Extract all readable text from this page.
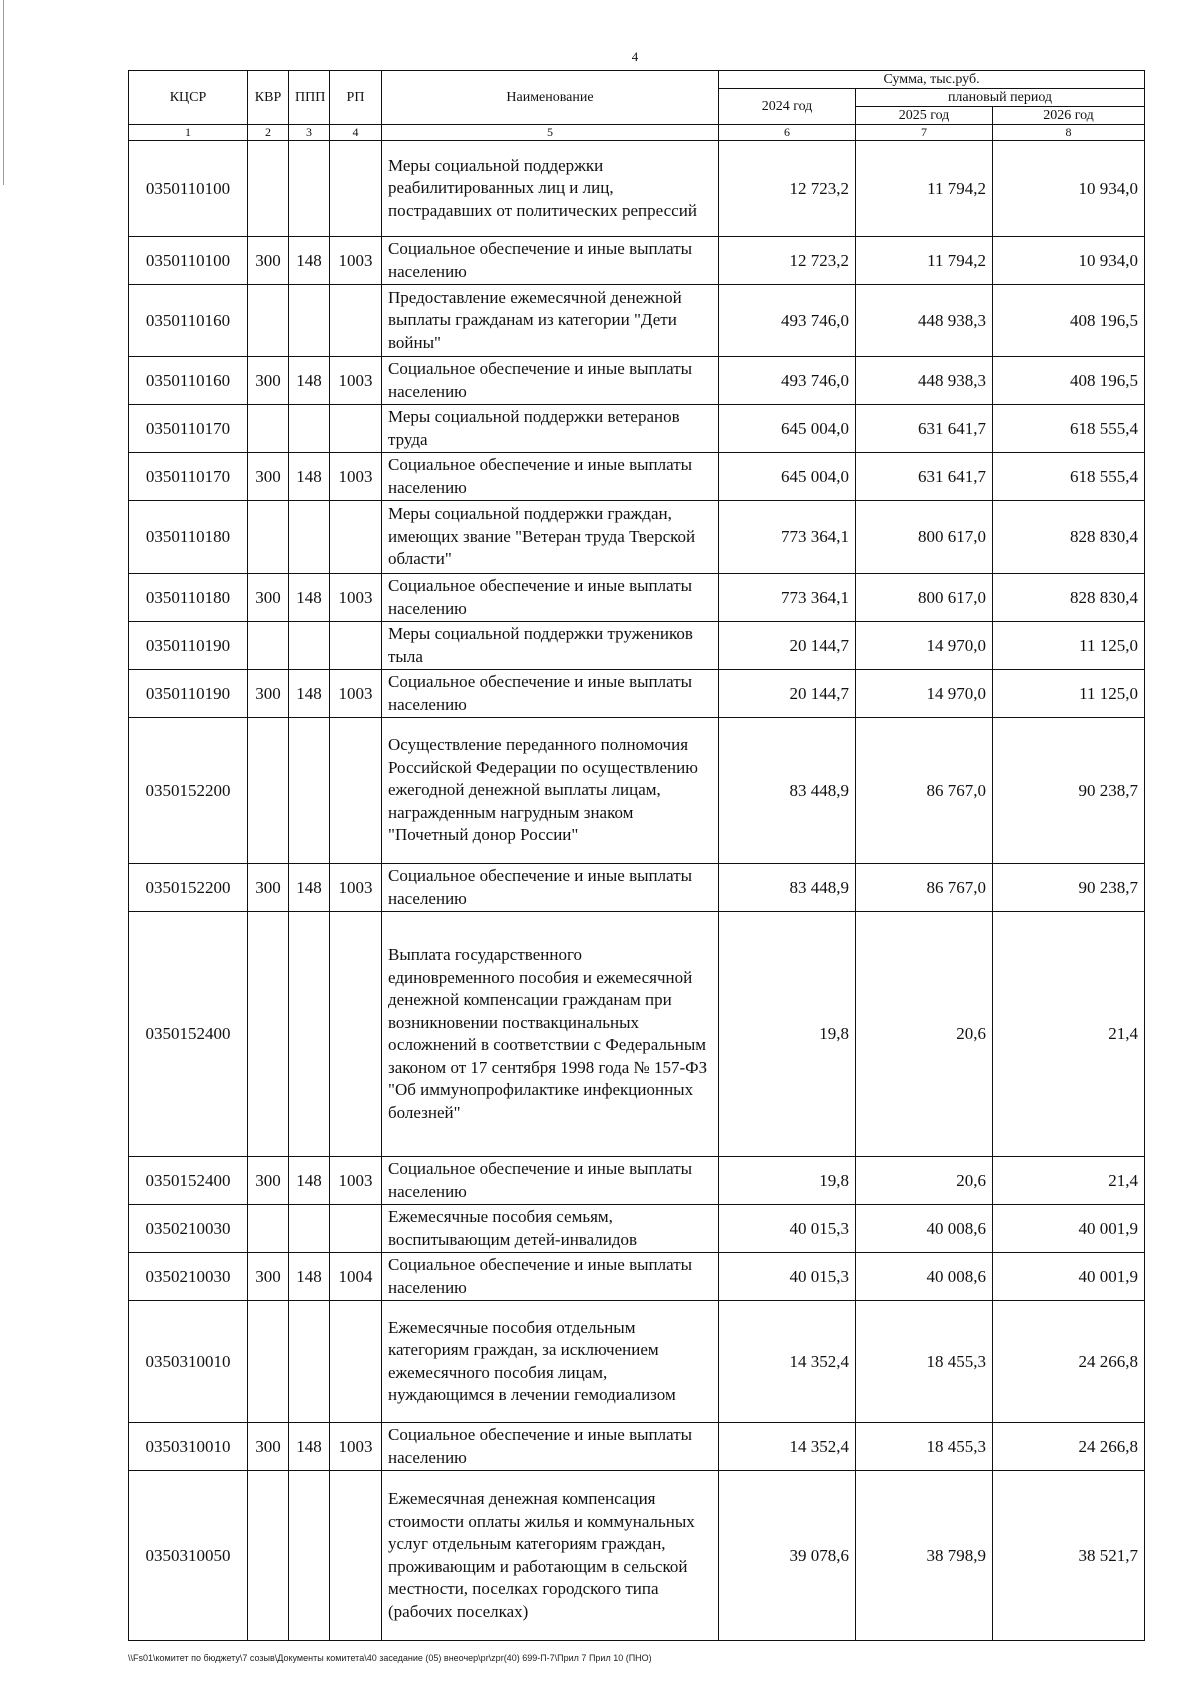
4
КЦСР	КВР	ППП	РП	Наименование	Сумма, тыс.руб.		
					2024 год	плановый период	
						2025 год	2026 год
1	2	3	4	5	6	7	8
0350110100				Меры социальной поддержки реабилитированных лиц и лиц, пострадавших от политических репрессий	12 723,2	11 794,2	10 934,0
0350110100	300	148	1003	Социальное обеспечение и иные выплаты населению	12 723,2	11 794,2	10 934,0
0350110160				Предоставление ежемесячной денежной выплаты гражданам из категории "Дети войны"	493 746,0	448 938,3	408 196,5
0350110160	300	148	1003	Социальное обеспечение и иные выплаты населению	493 746,0	448 938,3	408 196,5
0350110170				Меры социальной поддержки ветеранов труда	645 004,0	631 641,7	618 555,4
0350110170	300	148	1003	Социальное обеспечение и иные выплаты населению	645 004,0	631 641,7	618 555,4
0350110180				Меры социальной поддержки граждан, имеющих звание "Ветеран труда Тверской области"	773 364,1	800 617,0	828 830,4
0350110180	300	148	1003	Социальное обеспечение и иные выплаты населению	773 364,1	800 617,0	828 830,4
0350110190				Меры социальной поддержки тружеников тыла	20 144,7	14 970,0	11 125,0
0350110190	300	148	1003	Социальное обеспечение и иные выплаты населению	20 144,7	14 970,0	11 125,0
0350152200				Осуществление переданного полномочия Российской Федерации по осуществлению ежегодной денежной выплаты лицам, награжденным нагрудным знаком "Почетный донор России"	83 448,9	86 767,0	90 238,7
0350152200	300	148	1003	Социальное обеспечение и иные выплаты населению	83 448,9	86 767,0	90 238,7
0350152400				Выплата государственного единовременного пособия и ежемесячной денежной компенсации гражданам при возникновении поствакцинальных осложнений в соответствии с Федеральным законом от 17 сентября 1998 года № 157-ФЗ "Об иммунопрофилактике инфекционных болезней"	19,8	20,6	21,4
0350152400	300	148	1003	Социальное обеспечение и иные выплаты населению	19,8	20,6	21,4
0350210030				Ежемесячные пособия семьям, воспитывающим детей-инвалидов	40 015,3	40 008,6	40 001,9
0350210030	300	148	1004	Социальное обеспечение и иные выплаты населению	40 015,3	40 008,6	40 001,9
0350310010				Ежемесячные пособия отдельным категориям граждан, за исключением ежемесячного пособия лицам, нуждающимся в лечении гемодиализом	14 352,4	18 455,3	24 266,8
0350310010	300	148	1003	Социальное обеспечение и иные выплаты населению	14 352,4	18 455,3	24 266,8
0350310050				Ежемесячная денежная компенсация стоимости оплаты жилья и коммунальных услуг отдельным категориям граждан, проживающим и работающим в сельской местности, поселках городского типа (рабочих поселках)	39 078,6	38 798,9	38 521,7
\\Fs01\комитет по бюджету\7 созыв\Документы комитета\40 заседание (05) внеочер\pr\zpr(40) 699-П-7\Прил 7 Прил 10 (ПНО)
